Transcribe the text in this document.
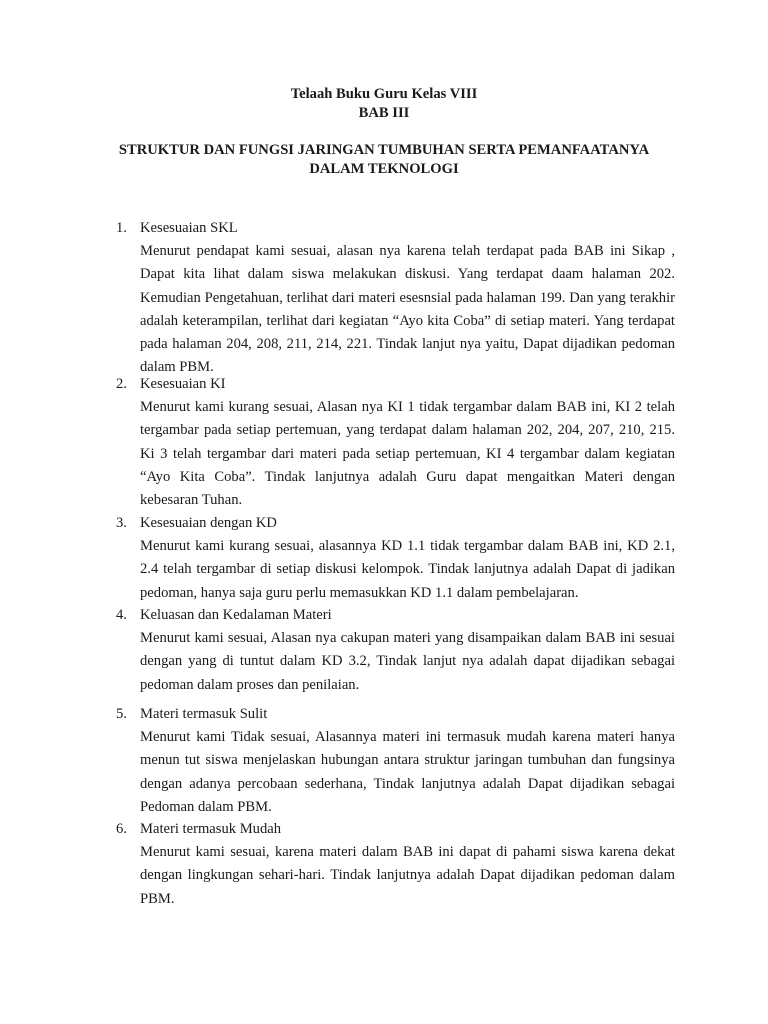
Telaah Buku Guru Kelas VIII
BAB III
STRUKTUR DAN FUNGSI JARINGAN TUMBUHAN SERTA PEMANFAATANYA
DALAM TEKNOLOGI
1. Kesesuaian SKL
Menurut pendapat kami sesuai, alasan nya karena telah terdapat pada BAB ini Sikap , Dapat kita lihat dalam siswa melakukan diskusi. Yang terdapat daam halaman 202. Kemudian Pengetahuan, terlihat dari materi esesnsial pada halaman 199. Dan yang terakhir adalah keterampilan, terlihat dari kegiatan “Ayo kita Coba” di setiap materi. Yang terdapat pada halaman 204, 208, 211, 214, 221. Tindak lanjut nya yaitu, Dapat dijadikan pedoman dalam PBM.
2. Kesesuaian KI
Menurut kami kurang sesuai, Alasan nya KI 1 tidak tergambar dalam BAB ini, KI 2 telah tergambar pada setiap pertemuan, yang terdapat dalam halaman 202, 204, 207, 210, 215. Ki 3 telah tergambar dari materi pada setiap pertemuan, KI 4 tergambar dalam kegiatan “Ayo Kita Coba”. Tindak lanjutnya adalah Guru dapat mengaitkan Materi dengan kebesaran Tuhan.
3. Kesesuaian dengan KD
Menurut kami kurang sesuai, alasannya KD 1.1 tidak tergambar dalam BAB ini, KD 2.1, 2.4 telah tergambar di setiap diskusi kelompok. Tindak lanjutnya adalah Dapat di jadikan pedoman, hanya saja guru perlu memasukkan KD 1.1 dalam pembelajaran.
4. Keluasan dan Kedalaman Materi
Menurut kami sesuai, Alasan nya cakupan materi yang disampaikan dalam BAB ini sesuai dengan yang di tuntut dalam KD 3.2, Tindak lanjut nya adalah dapat dijadikan sebagai pedoman dalam proses dan penilaian.
5. Materi termasuk Sulit
Menurut kami Tidak sesuai, Alasannya materi ini termasuk mudah karena materi hanya menun tut siswa menjelaskan hubungan antara struktur jaringan tumbuhan dan fungsinya dengan adanya percobaan sederhana, Tindak lanjutnya adalah Dapat dijadikan sebagai Pedoman dalam PBM.
6. Materi termasuk Mudah
Menurut kami sesuai, karena materi dalam BAB ini dapat di pahami siswa karena dekat dengan lingkungan sehari-hari. Tindak lanjutnya adalah Dapat dijadikan pedoman dalam PBM.
